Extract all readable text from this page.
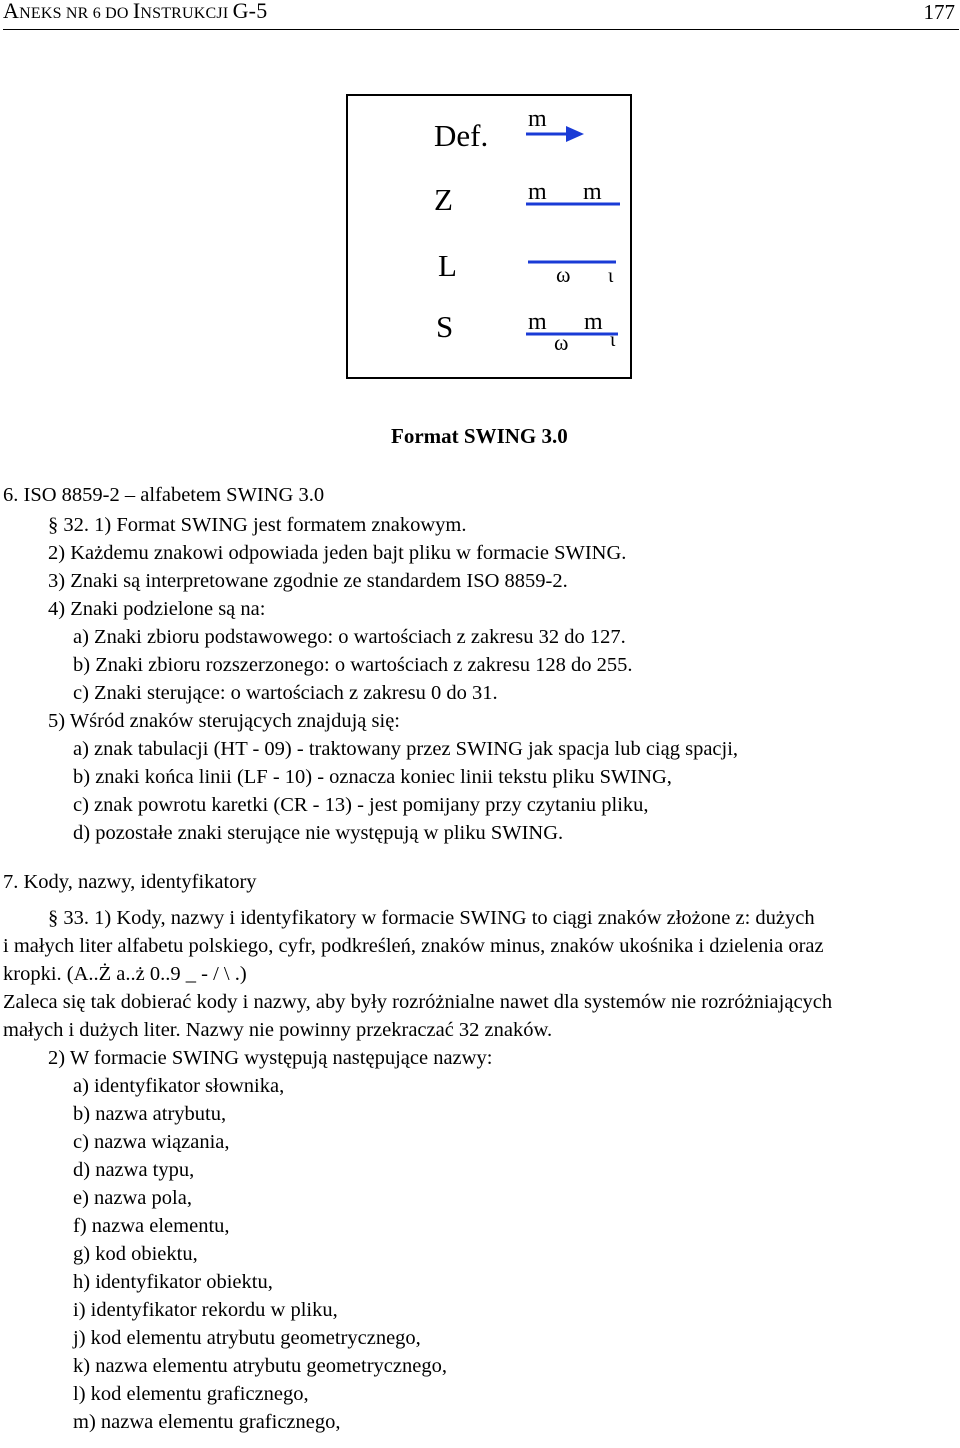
ANEKS NR 6 DO INSTRUKCJI G-5	177
Def.
Z
L
S
m
m m
ω ι
m m
ω ι
Format SWING 3.0
6. ISO 8859-2 – alfabetem SWING 3.0
§ 32. 1) Format SWING jest formatem znakowym.
2) Każdemu znakowi odpowiada jeden bajt pliku w formacie SWING.
3) Znaki są interpretowane zgodnie ze standardem ISO 8859-2.
4) Znaki podzielone są na:
a) Znaki zbioru podstawowego: o wartościach z zakresu 32 do 127.
b) Znaki zbioru rozszerzonego: o wartościach z zakresu 128 do 255.
c) Znaki sterujące: o wartościach z zakresu 0 do 31.
5) Wśród znaków sterujących znajdują się:
a) znak tabulacji (HT - 09) - traktowany przez SWING jak spacja lub ciąg spacji,
b) znaki końca linii (LF - 10) - oznacza koniec linii tekstu pliku SWING,
c) znak powrotu karetki (CR - 13) - jest pomijany przy czytaniu pliku,
d) pozostałe znaki sterujące nie występują w pliku SWING.
7. Kody, nazwy, identyfikatory
§ 33. 1) Kody, nazwy i identyfikatory w formacie SWING to ciągi znaków złożone z: dużych
i małych liter alfabetu polskiego, cyfr, podkreśleń, znaków minus, znaków ukośnika i dzielenia oraz
kropki. (A..Ż a..ż 0..9 _ - / \ .)
Zaleca się tak dobierać kody i nazwy, aby były rozróżnialne nawet dla systemów nie rozróżniających
małych i dużych liter. Nazwy nie powinny przekraczać 32 znaków.
2) W formacie SWING występują następujące nazwy:
a) identyfikator słownika,
b) nazwa atrybutu,
c) nazwa wiązania,
d) nazwa typu,
e) nazwa pola,
f) nazwa elementu,
g) kod obiektu,
h) identyfikator obiektu,
i) identyfikator rekordu w pliku,
j) kod elementu atrybutu geometrycznego,
k) nazwa elementu atrybutu geometrycznego,
l) kod elementu graficznego,
m) nazwa elementu graficznego,
